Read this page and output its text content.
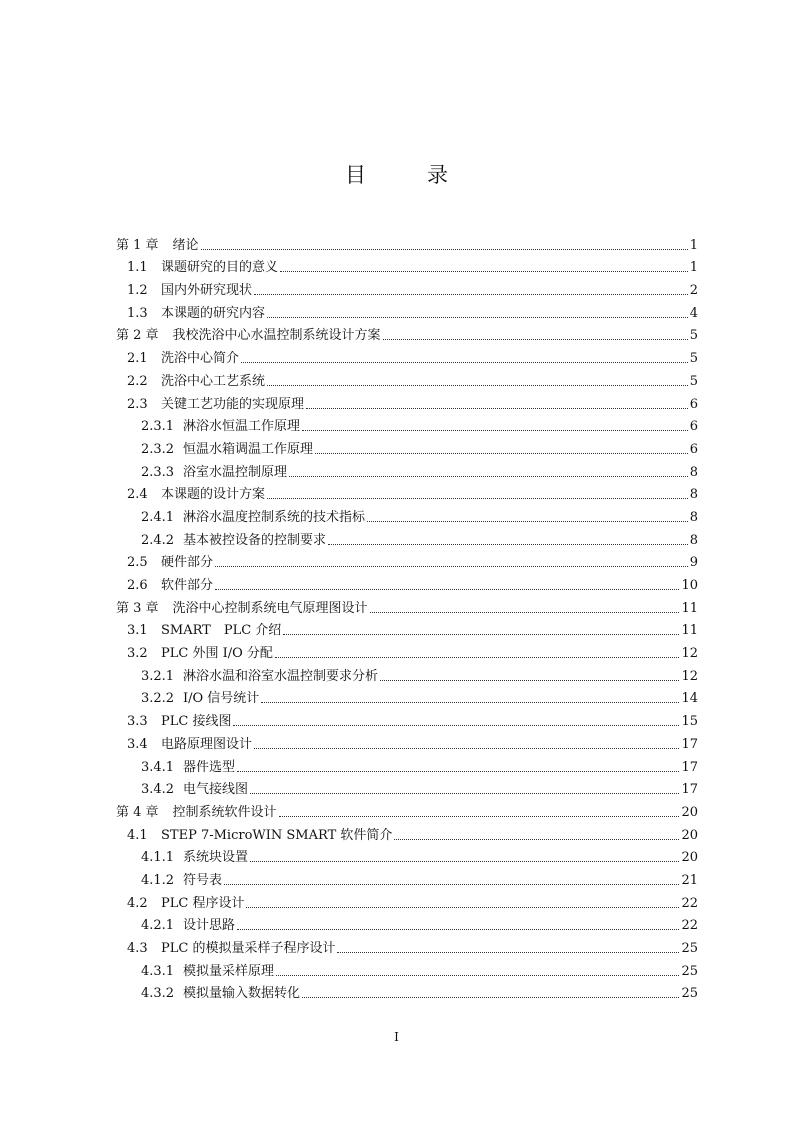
目　录
第 1 章	绪论	1
1.1	课题研究的目的意义	1
1.2	国内外研究现状	2
1.3	本课题的研究内容	4
第 2 章	我校洗浴中心水温控制系统设计方案	5
2.1	洗浴中心简介	5
2.2	洗浴中心工艺系统	5
2.3	关键工艺功能的实现原理	6
2.3.1 淋浴水恒温工作原理	6
2.3.2 恒温水箱调温工作原理	6
2.3.3 浴室水温控制原理	8
2.4	本课题的设计方案	8
2.4.1 淋浴水温度控制系统的技术指标	8
2.4.2 基本被控设备的控制要求	8
2.5	硬件部分	9
2.6	软件部分	10
第 3 章	洗浴中心控制系统电气原理图设计	11
3.1	SMART　PLC 介绍	11
3.2	PLC 外围 I/O 分配	12
3.2.1 淋浴水温和浴室水温控制要求分析	12
3.2.2 I/O 信号统计	14
3.3	PLC 接线图	15
3.4	电路原理图设计	17
3.4.1 器件选型	17
3.4.2 电气接线图	17
第 4 章	控制系统软件设计	20
4.1	STEP 7-MicroWIN SMART 软件简介	20
4.1.1 系统块设置	20
4.1.2 符号表	21
4.2	PLC 程序设计	22
4.2.1 设计思路	22
4.3	PLC 的模拟量采样子程序设计	25
4.3.1 模拟量采样原理	25
4.3.2 模拟量输入数据转化	25
I
